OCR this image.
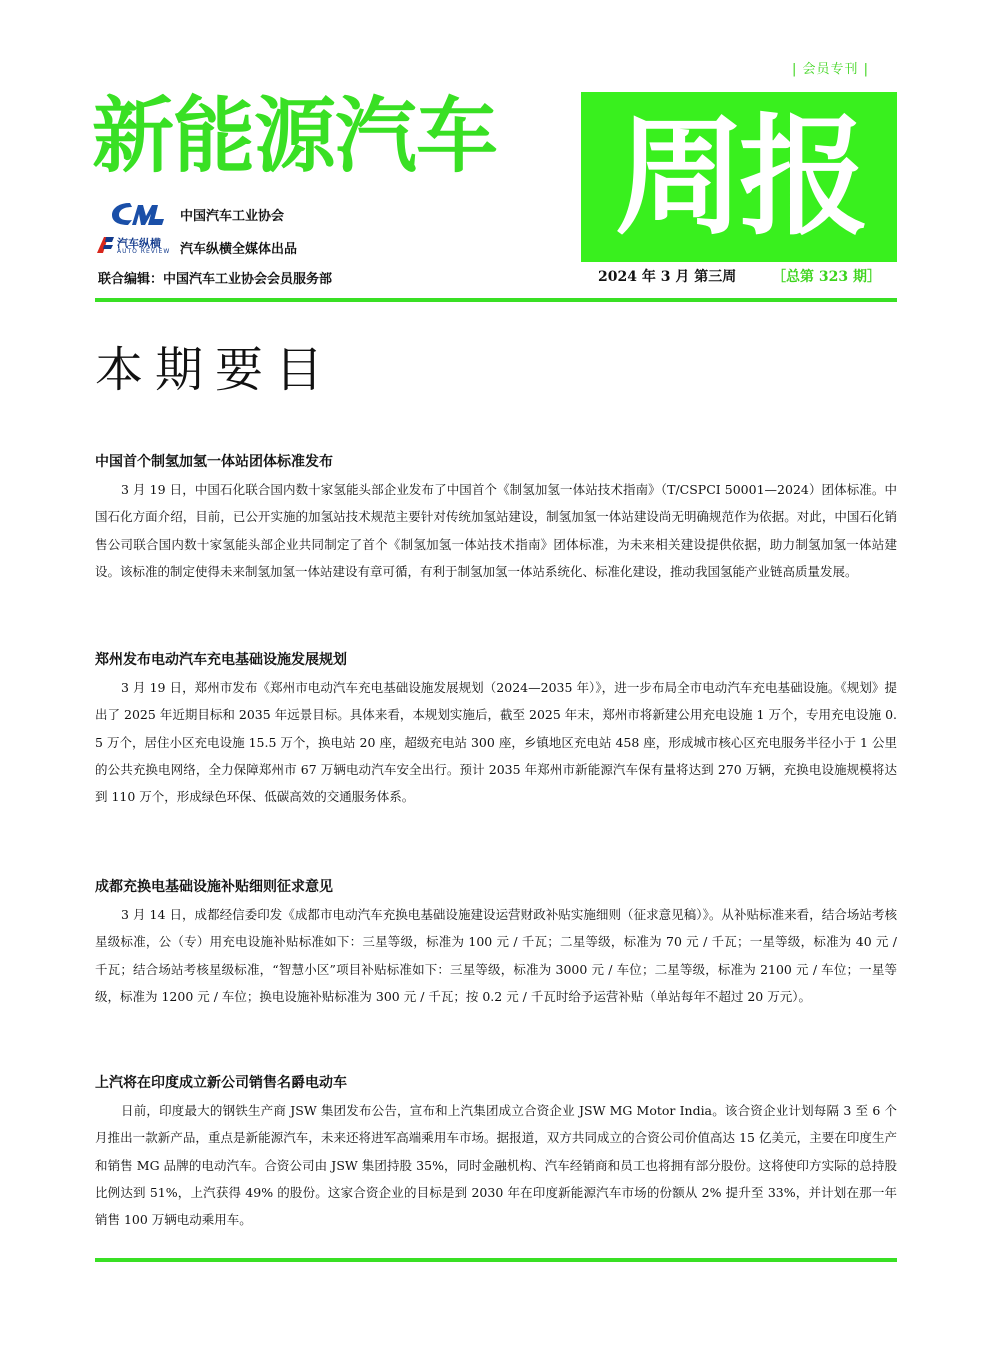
| 会员专刊 |
新能源汽车 周报
中国汽车工业协会
汽车纵横
AUTO REVIEW 汽车纵横全媒体出品
联合编辑：中国汽车工业协会会员服务部	2024 年 3 月 第三周	［总第 323 期］
本期要目
中国首个制氢加氢一体站团体标准发布

3 月 19 日，中国石化联合国内数十家氢能头部企业发布了中国首个《制氢加氢一体站技术指南》（T/CSPCI 50001—2024）团体标准。中国石化方面介绍，目前，已公开实施的加氢站技术规范主要针对传统加氢站建设，制氢加氢一体站建设尚无明确规范作为依据。对此，中国石化销售公司联合国内数十家氢能头部企业共同制定了首个《制氢加氢一体站技术指南》团体标准，为未来相关建设提供依据，助力制氢加氢一体站建设。该标准的制定使得未来制氢加氢一体站建设有章可循，有利于制氢加氢一体站系统化、标准化建设，推动我国氢能产业链高质量发展。

郑州发布电动汽车充电基础设施发展规划

3 月 19 日，郑州市发布《郑州市电动汽车充电基础设施发展规划（2024—2035 年）》，进一步布局全市电动汽车充电基础设施。《规划》提出了 2025 年近期目标和 2035 年远景目标。具体来看，本规划实施后，截至 2025 年末，郑州市将新建公用充电设施 1 万个，专用充电设施 0.5 万个，居住小区充电设施 15.5 万个，换电站 20 座，超级充电站 300 座，乡镇地区充电站 458 座，形成城市核心区充电服务半径小于 1 公里的公共充换电网络，全力保障郑州市 67 万辆电动汽车安全出行。预计 2035 年郑州市新能源汽车保有量将达到 270 万辆，充换电设施规模将达到 110 万个，形成绿色环保、低碳高效的交通服务体系。

成都充换电基础设施补贴细则征求意见

3 月 14 日，成都经信委印发《成都市电动汽车充换电基础设施建设运营财政补贴实施细则（征求意见稿）》。从补贴标准来看，结合场站考核星级标准，公（专）用充电设施补贴标准如下：三星等级，标准为 100 元 / 千瓦；二星等级，标准为 70 元 / 千瓦；一星等级，标准为 40 元 / 千瓦；结合场站考核星级标准，“智慧小区”项目补贴标准如下：三星等级，标准为 3000 元 / 车位；二星等级，标准为 2100 元 / 车位；一星等级，标准为 1200 元 / 车位；换电设施补贴标准为 300 元 / 千瓦；按 0.2 元 / 千瓦时给予运营补贴（单站每年不超过 20 万元）。

上汽将在印度成立新公司销售名爵电动车

日前，印度最大的钢铁生产商 JSW 集团发布公告，宣布和上汽集团成立合资企业 JSW MG Motor India。该合资企业计划每隔 3 至 6 个月推出一款新产品，重点是新能源汽车，未来还将进军高端乘用车市场。据报道，双方共同成立的合资公司价值高达 15 亿美元，主要在印度生产和销售 MG 品牌的电动汽车。合资公司由 JSW 集团持股 35%，同时金融机构、汽车经销商和员工也将拥有部分股份。这将使印方实际的总持股比例达到 51%，上汽获得 49% 的股份。这家合资企业的目标是到 2030 年在印度新能源汽车市场的份额从 2% 提升至 33%，并计划在那一年销售 100 万辆电动乘用车。
